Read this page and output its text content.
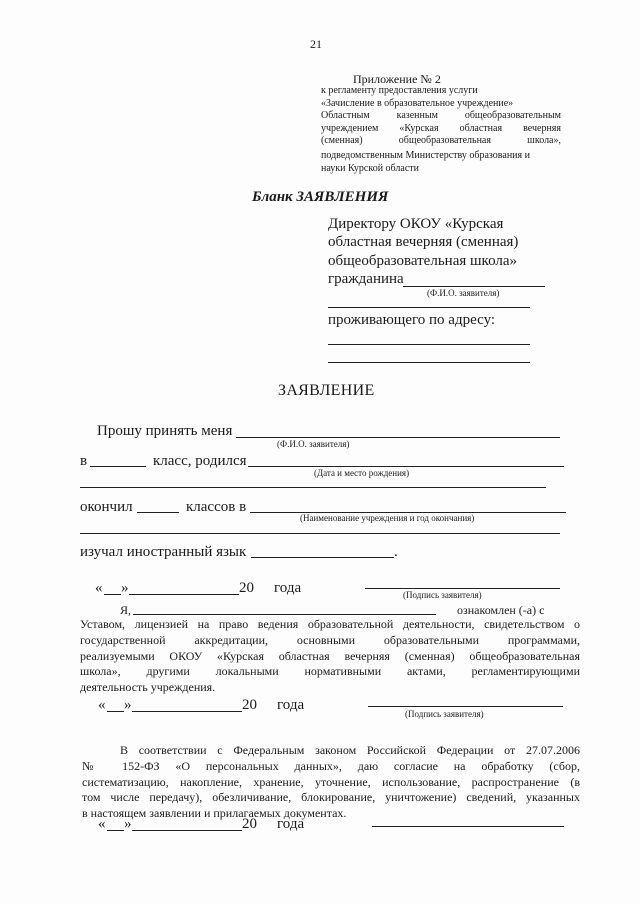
21
Приложение № 2
к регламенту предоставления услуги
«Зачисление в образовательное учреждение»
Областным казенным общеобразовательным
учреждением «Курская областная вечерняя
(сменная) общеобразовательная школа»,
подведомственным Министерству образования и
науки Курской области
Бланк ЗАЯВЛЕНИЯ
Директору ОКОУ «Курская
областная вечерняя (сменная)
общеобразовательная школа»
гражданина
(Ф.И.О. заявителя)
проживающего по адресу:
ЗАЯВЛЕНИЕ
Прошу принять меня
(Ф.И.О. заявителя)
в	класс, родился
(Дата и место рождения)
окончил	классов в
(Наименование учреждения и год окончания)
изучал иностранный язык	.
« »	20 года	(Подпись заявителя)
Я,	ознакомлен (-а) с
Уставом, лицензией на право ведения образовательной деятельности, свидетельством о
государственной аккредитации, основными образовательными программами,
реализуемыми ОКОУ «Курская областная вечерняя (сменная) общеобразовательная
школа», другими локальными нормативными актами, регламентирующими
деятельность учреждения.
« »	20 года
(Подпись заявителя)
В соответствии с Федеральным законом Российской Федерации от 27.07.2006
№ 152-ФЗ «О персональных данных», даю согласие на обработку (сбор,
систематизацию, накопление, хранение, уточнение, использование, распространение (в
том числе передачу), обезличивание, блокирование, уничтожение) сведений, указанных
в настоящем заявлении и прилагаемых документах.
« »	20 года
